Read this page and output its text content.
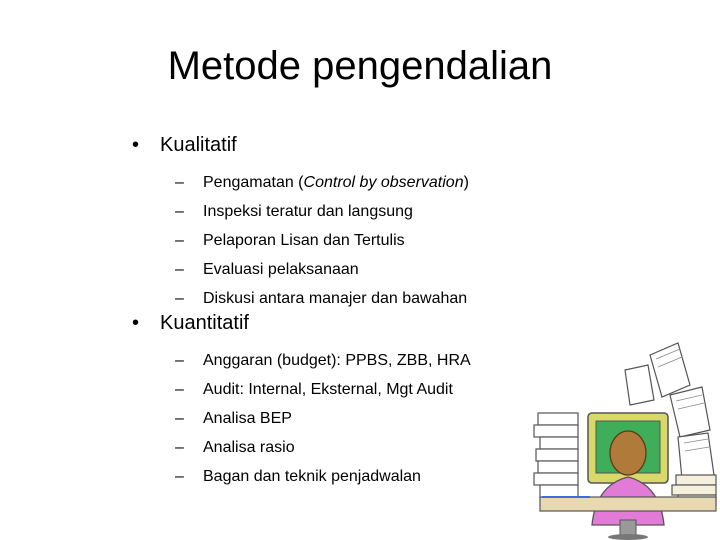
Metode pengendalian
•	Kualitatif
–	Pengamatan (Control by observation)
–	Inspeksi teratur dan langsung
–	Pelaporan Lisan dan Tertulis
–	Evaluasi pelaksanaan
–	Diskusi antara manajer dan bawahan
•	Kuantitatif
–	Anggaran (budget): PPBS, ZBB, HRA
–	Audit: Internal, Eksternal, Mgt Audit
–	Analisa BEP
–	Analisa rasio
–	Bagan dan teknik penjadwalan
